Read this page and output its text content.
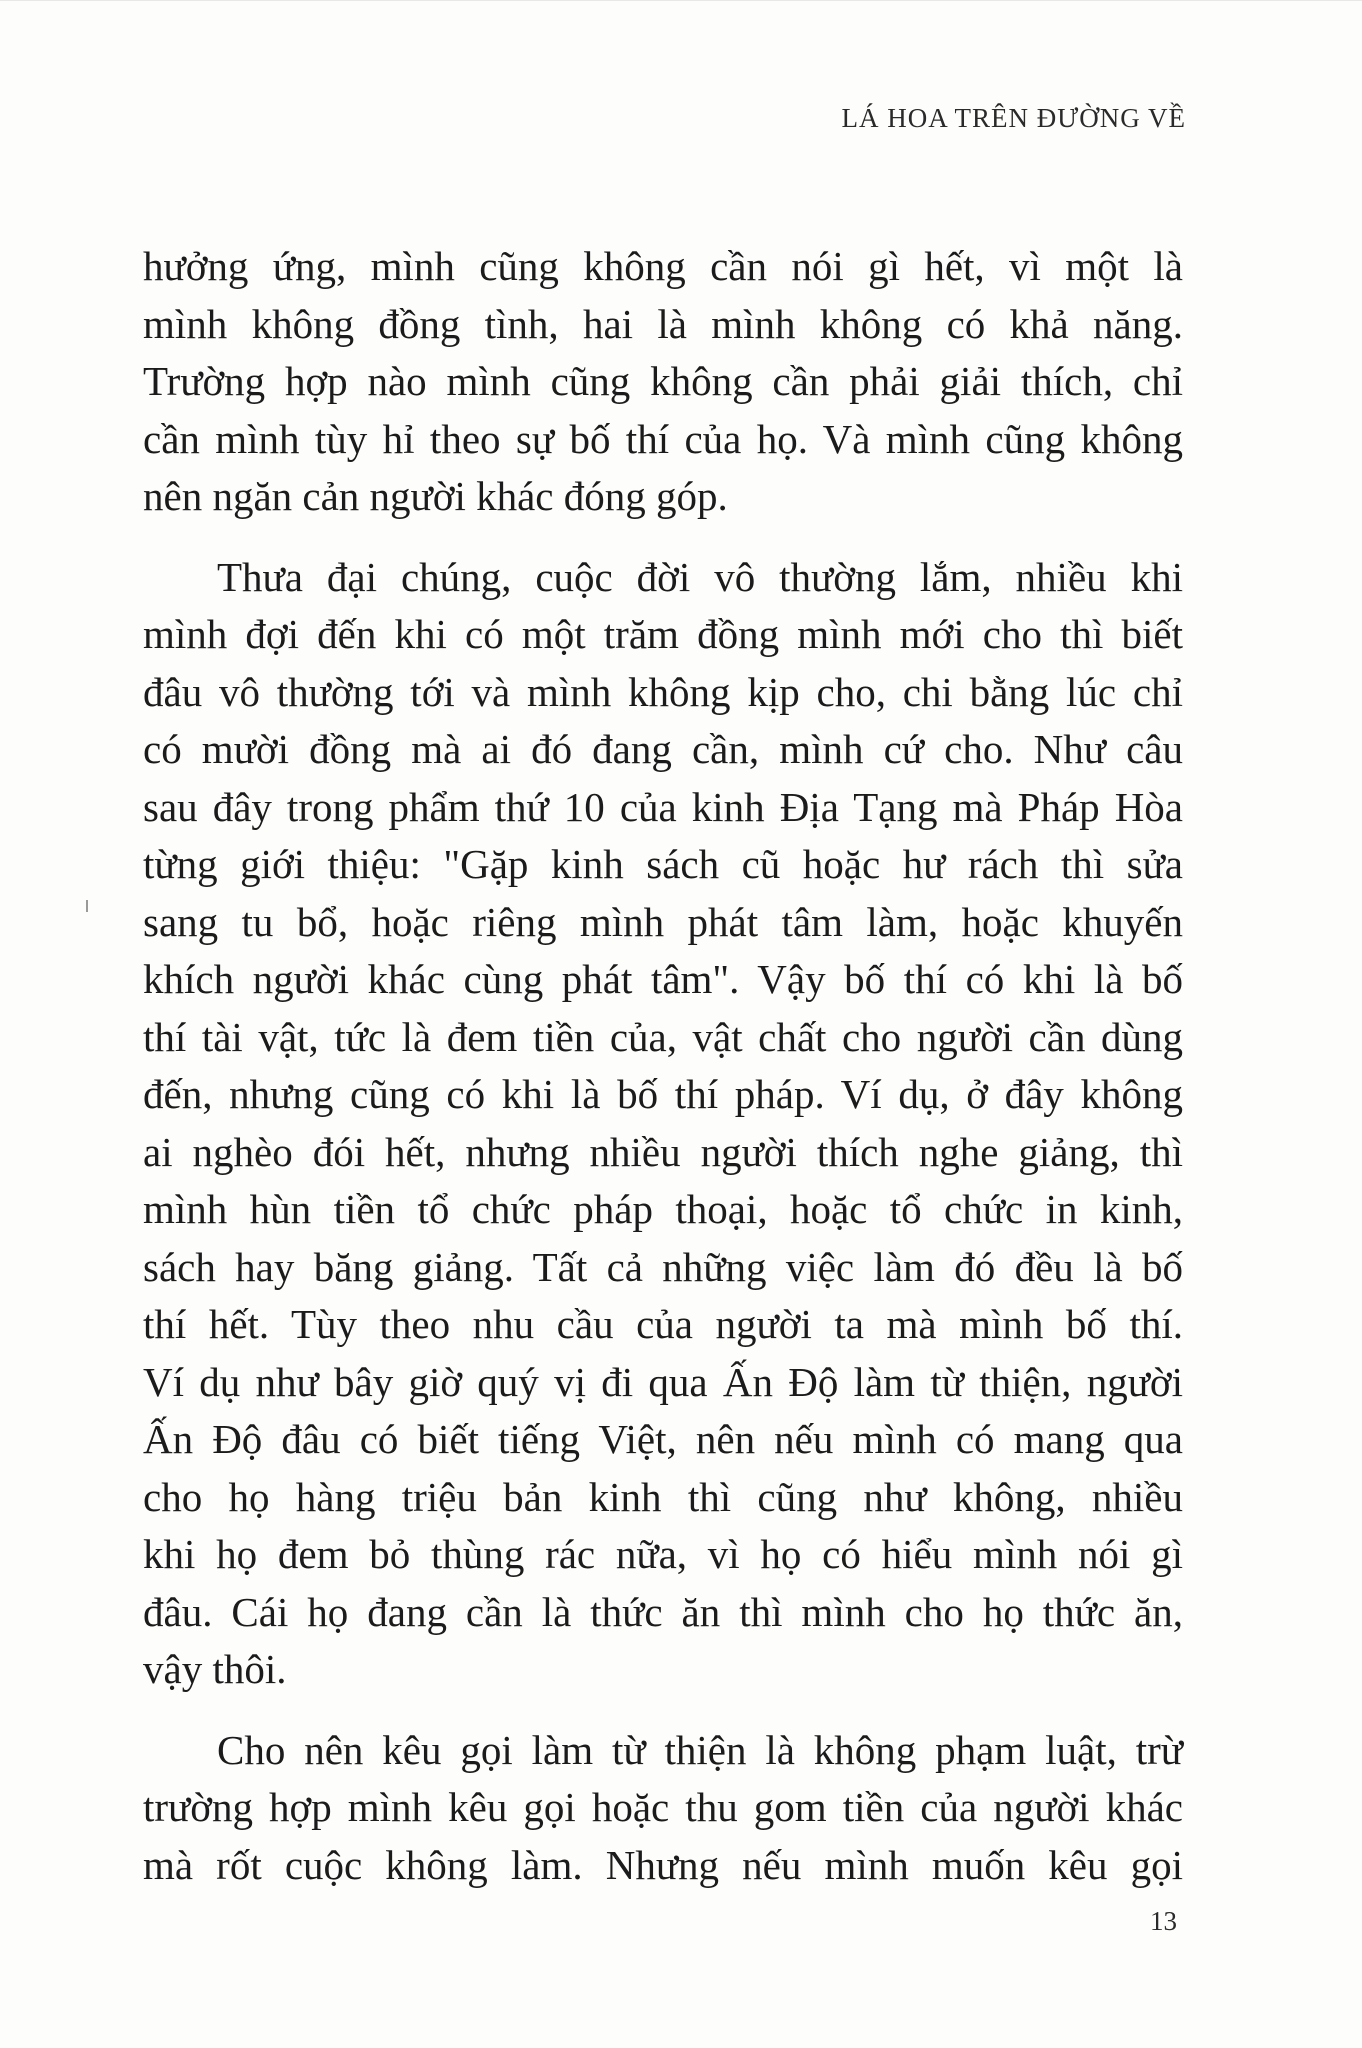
LÁ HOA TRÊN ĐƯỜNG VỀ
hưởng ứng, mình cũng không cần nói gì hết, vì một là
mình không đồng tình, hai là mình không có khả năng.
Trường hợp nào mình cũng không cần phải giải thích, chỉ
cần mình tùy hỉ theo sự bố thí của họ. Và mình cũng không
nên ngăn cản người khác đóng góp.
Thưa đại chúng, cuộc đời vô thường lắm, nhiều khi
mình đợi đến khi có một trăm đồng mình mới cho thì biết
đâu vô thường tới và mình không kịp cho, chi bằng lúc chỉ
có mười đồng mà ai đó đang cần, mình cứ cho. Như câu
sau đây trong phẩm thứ 10 của kinh Địa Tạng mà Pháp Hòa
từng giới thiệu: "Gặp kinh sách cũ hoặc hư rách thì sửa
sang tu bổ, hoặc riêng mình phát tâm làm, hoặc khuyến
khích người khác cùng phát tâm". Vậy bố thí có khi là bố
thí tài vật, tức là đem tiền của, vật chất cho người cần dùng
đến, nhưng cũng có khi là bố thí pháp. Ví dụ, ở đây không
ai nghèo đói hết, nhưng nhiều người thích nghe giảng, thì
mình hùn tiền tổ chức pháp thoại, hoặc tổ chức in kinh,
sách hay băng giảng. Tất cả những việc làm đó đều là bố
thí hết. Tùy theo nhu cầu của người ta mà mình bố thí.
Ví dụ như bây giờ quý vị đi qua Ấn Độ làm từ thiện, người
Ấn Độ đâu có biết tiếng Việt, nên nếu mình có mang qua
cho họ hàng triệu bản kinh thì cũng như không, nhiều
khi họ đem bỏ thùng rác nữa, vì họ có hiểu mình nói gì
đâu. Cái họ đang cần là thức ăn thì mình cho họ thức ăn,
vậy thôi.
Cho nên kêu gọi làm từ thiện là không phạm luật, trừ
trường hợp mình kêu gọi hoặc thu gom tiền của người khác
mà rốt cuộc không làm. Nhưng nếu mình muốn kêu gọi
13
